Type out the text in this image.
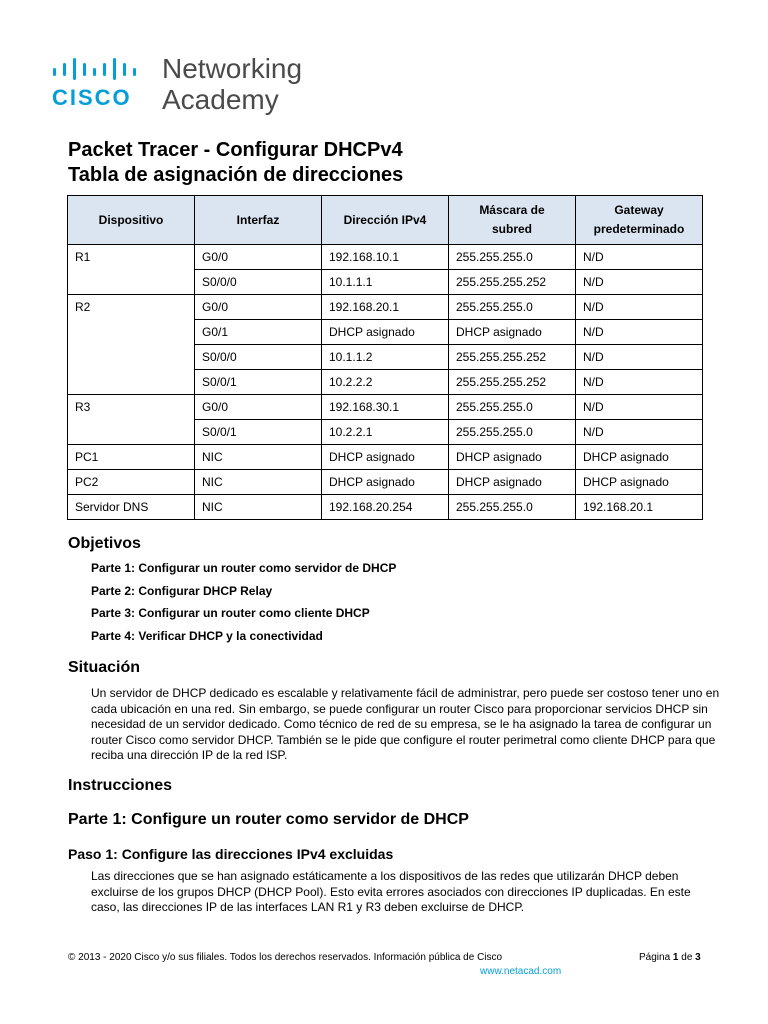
CISCO
Networking
Academy
Packet Tracer - Configurar DHCPv4
Tabla de asignación de direcciones
Dispositivo	Interfaz	Dirección IPv4	Máscara de subred	Gateway predeterminado

R1	G0/0	192.168.10.1	255.255.255.0	N/D
	S0/0/0	10.1.1.1	255.255.255.252	N/D
R2	G0/0	192.168.20.1	255.255.255.0	N/D
	G0/1	DHCP asignado	DHCP asignado	N/D
	S0/0/0	10.1.1.2	255.255.255.252	N/D
	S0/0/1	10.2.2.2	255.255.255.252	N/D
R3	G0/0	192.168.30.1	255.255.255.0	N/D
	S0/0/1	10.2.2.1	255.255.255.0	N/D
PC1	NIC	DHCP asignado	DHCP asignado	DHCP asignado
PC2	NIC	DHCP asignado	DHCP asignado	DHCP asignado
Servidor DNS	NIC	192.168.20.254	255.255.255.0	192.168.20.1
Objetivos
Parte 1: Configurar un router como servidor de DHCP
Parte 2: Configurar DHCP Relay
Parte 3: Configurar un router como cliente DHCP
Parte 4: Verificar DHCP y la conectividad
Situación
Un servidor de DHCP dedicado es escalable y relativamente fácil de administrar, pero puede ser costoso tener uno en cada ubicación en una red. Sin embargo, se puede configurar un router Cisco para proporcionar servicios DHCP sin necesidad de un servidor dedicado. Como técnico de red de su empresa, se le ha asignado la tarea de configurar un router Cisco como servidor DHCP. También se le pide que configure el router perimetral como cliente DHCP para que reciba una dirección IP de la red ISP.
Instrucciones
Parte 1: Configure un router como servidor de DHCP
Paso 1: Configure las direcciones IPv4 excluidas
Las direcciones que se han asignado estáticamente a los dispositivos de las redes que utilizarán DHCP deben excluirse de los grupos DHCP (DHCP Pool). Esto evita errores asociados con direcciones IP duplicadas. En este caso, las direcciones IP de las interfaces LAN R1 y R3 deben excluirse de DHCP.
© 2013 - 2020 Cisco y/o sus filiales. Todos los derechos reservados. Información pública de Cisco	Página 1 de 3
www.netacad.com
